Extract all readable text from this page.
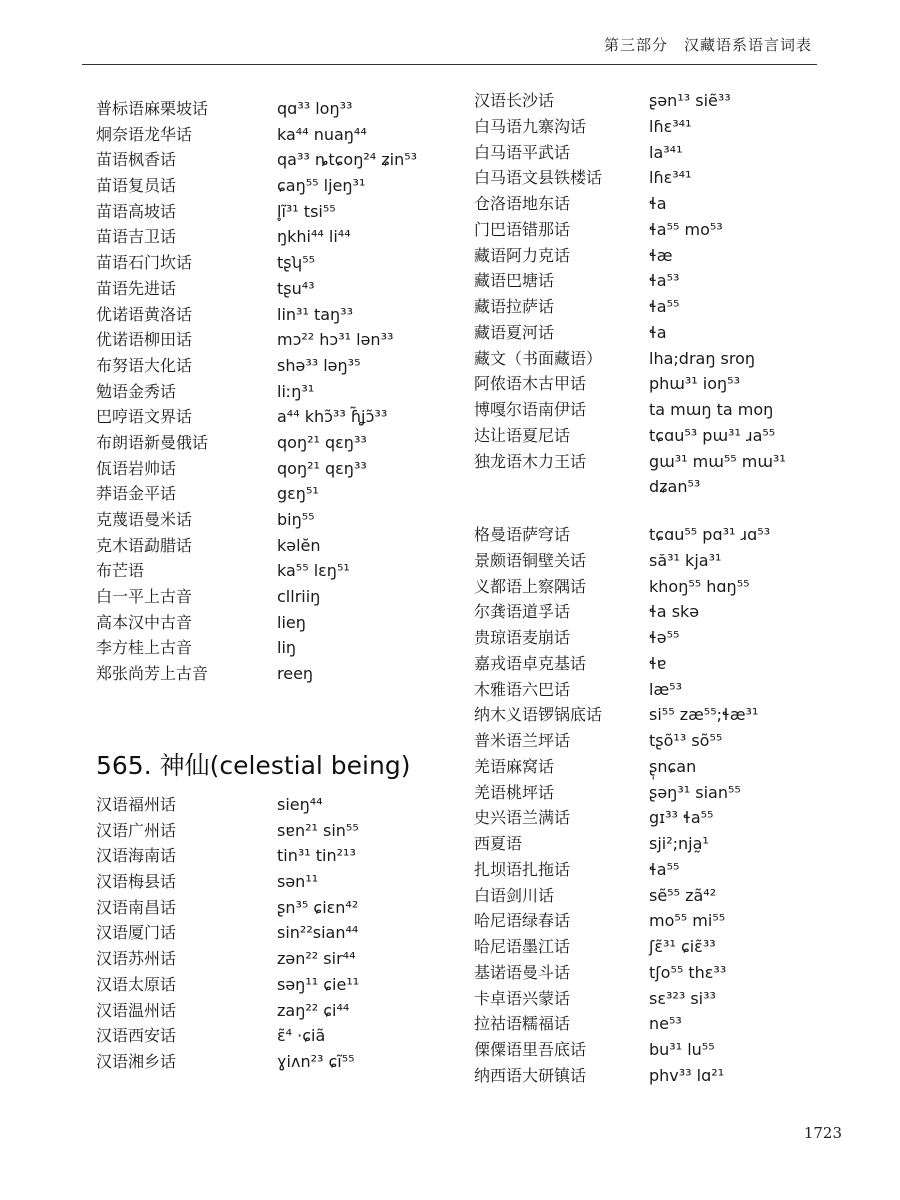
第三部分　汉藏语系语言词表
普标语麻栗坡话	qɑ³³ loŋ³³
炯奈语龙华话	ka⁴⁴ nuaŋ⁴⁴
苗语枫香话	qa³³ ȵtɕoŋ²⁴ ʑin⁵³
苗语复员话	ɕaŋ⁵⁵ ljeŋ³¹
苗语高坡话	l̥ĩ³¹ tsi⁵⁵
苗语吉卫话	ŋkhi⁴⁴ li⁴⁴
苗语石门坎话	tʂʮ⁵⁵
苗语先进话	tʂu⁴³
优诺语黄洛话	lin³¹ taŋ³³
优诺语柳田话	mɔ²² hɔ³¹ lən³³
布努语大化话	shə³³ ləŋ³⁵
勉语金秀话	liːŋ³¹
巴哼语文界话	a⁴⁴ khɔ̃³³ ɦ̃ʝɔ̃³³
布朗语新曼俄话	qoŋ²¹ qɛŋ³³
佤语岩帅话	qoŋ²¹ qɛŋ³³
莽语金平话	gɛŋ⁵¹
克蔑语曼米话	biŋ⁵⁵
克木语勐腊话	kəlĕn
布芒语	ka⁵⁵ lɛŋ⁵¹
白一平上古音	cllriiŋ
高本汉中古音	lieŋ
李方桂上古音	liŋ
郑张尚芳上古音	reeŋ
565. 神仙(celestial being)
汉语福州话	sieŋ⁴⁴
汉语广州话	sɐn²¹ sin⁵⁵
汉语海南话	tin³¹ tin²¹³
汉语梅县话	sən¹¹
汉语南昌话	ʂn³⁵ ɕiɛn⁴²
汉语厦门话	sin²²sian⁴⁴
汉语苏州话	zən²² sir⁴⁴
汉语太原话	səŋ¹¹ ɕie¹¹
汉语温州话	zaŋ²² ɕi⁴⁴
汉语西安话	ɛ̃⁴ ·ɕiã
汉语湘乡话	ɣiʌn²³ ɕĩ⁵⁵
汉语长沙话	ʂən¹³ siẽ³³
白马语九寨沟话	lɦɛ³⁴¹
白马语平武话	la³⁴¹
白马语文县铁楼话	lɦɛ³⁴¹
仓洛语地东话	ɬa
门巴语错那话	ɬa⁵⁵ mo⁵³
藏语阿力克话	ɬæ
藏语巴塘话	ɬa⁵³
藏语拉萨话	ɬa⁵⁵
藏语夏河话	ɬa
藏文（书面藏语）	lha;draŋ sroŋ
阿侬语木古甲话	phɯ³¹ ioŋ⁵³
博嘎尔语南伊话	ta mɯŋ ta moŋ
达让语夏尼话	tɕɑu⁵³ pɯ³¹ ɹa⁵⁵
独龙语木力王话	gɯ³¹ mɯ⁵⁵ mɯ³¹
dʑan⁵³
格曼语萨穹话	tɕɑu⁵⁵ pɑ³¹ ɹɑ⁵³
景颇语铜壁关话	să³¹ kja³¹
义都语上察隅话	khoŋ⁵⁵ hɑŋ⁵⁵
尔龚语道孚话	ɬa skə
贵琼语麦崩话	ɬə⁵⁵
嘉戎语卓克基话	ɬɐ
木雅语六巴话	læ⁵³
纳木义语锣锅底话	si⁵⁵ zæ⁵⁵;ɬæ³¹
普米语兰坪话	tʂõ¹³ sõ⁵⁵
羌语麻窝话	ʂ̩nɕan
羌语桃坪话	ʂəŋ³¹ sian⁵⁵
史兴语兰满话	gɪ³³ ɬa⁵⁵
西夏语	sji²;nja̰¹
扎坝语扎拖话	ɬa⁵⁵
白语剑川话	sẽ⁵⁵ zã⁴²
哈尼语绿春话	mo⁵⁵ mi⁵⁵
哈尼语墨江话	ʃɛ̃³¹ ɕiɛ̃³³
基诺语曼斗话	tʃo⁵⁵ thɛ³³
卡卓语兴蒙话	sɛ³²³ si³³
拉祜语糯福话	ne⁵³
傈僳语里吾底话	bu³¹ lu⁵⁵
纳西语大研镇话	phv³³ lɑ²¹
1723
